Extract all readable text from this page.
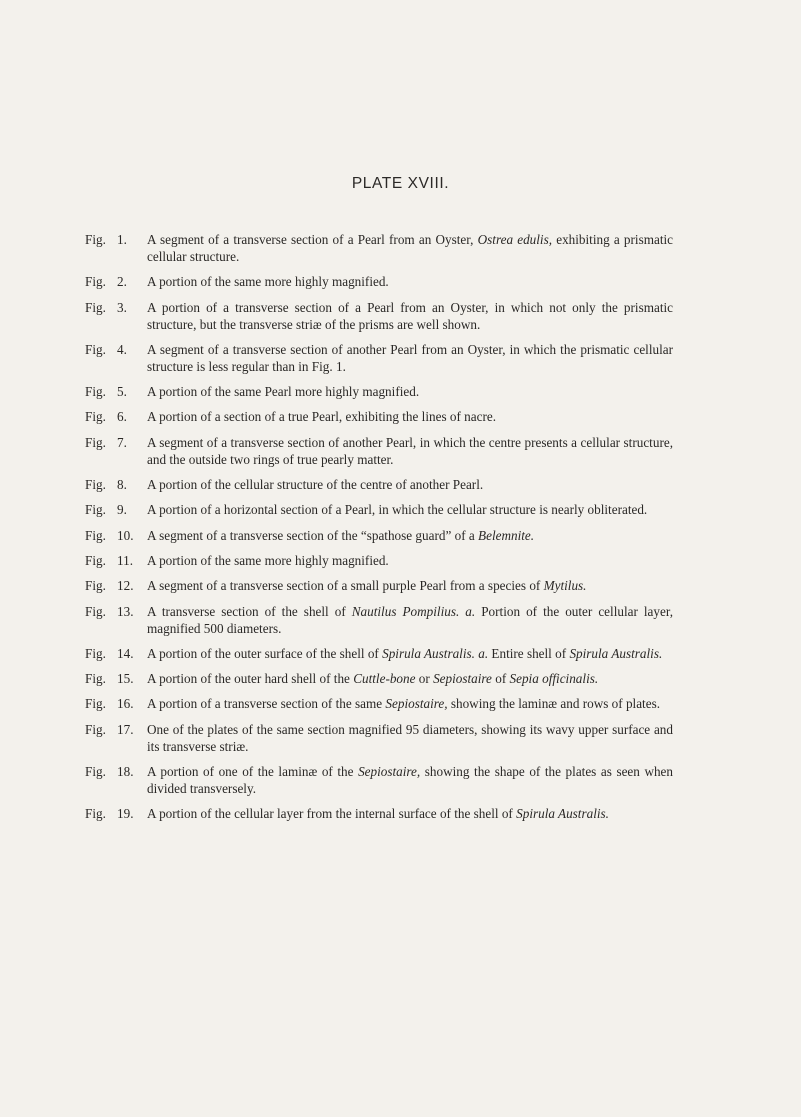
PLATE XVIII.
Fig. 1.	A segment of a transverse section of a Pearl from an Oyster, Ostrea edulis, exhibiting a prismatic cellular structure.
Fig. 2.	A portion of the same more highly magnified.
Fig. 3.	A portion of a transverse section of a Pearl from an Oyster, in which not only the prismatic structure, but the transverse striæ of the prisms are well shown.
Fig. 4.	A segment of a transverse section of another Pearl from an Oyster, in which the prismatic cellular structure is less regular than in Fig. 1.
Fig. 5.	A portion of the same Pearl more highly magnified.
Fig. 6.	A portion of a section of a true Pearl, exhibiting the lines of nacre.
Fig. 7.	A segment of a transverse section of another Pearl, in which the centre presents a cellular structure, and the outside two rings of true pearly matter.
Fig. 8.	A portion of the cellular structure of the centre of another Pearl.
Fig. 9.	A portion of a horizontal section of a Pearl, in which the cellular structure is nearly obliterated.
Fig. 10.	A segment of a transverse section of the “spathose guard” of a Belemnite.
Fig. 11.	A portion of the same more highly magnified.
Fig. 12.	A segment of a transverse section of a small purple Pearl from a species of Mytilus.
Fig. 13.	A transverse section of the shell of Nautilus Pompilius. a. Portion of the outer cellular layer, magnified 500 diameters.
Fig. 14.	A portion of the outer surface of the shell of Spirula Australis. a. Entire shell of Spirula Australis.
Fig. 15.	A portion of the outer hard shell of the Cuttle-bone or Sepiostaire of Sepia officinalis.
Fig. 16.	A portion of a transverse section of the same Sepiostaire, showing the laminæ and rows of plates.
Fig. 17.	One of the plates of the same section magnified 95 diameters, showing its wavy upper surface and its transverse striæ.
Fig. 18.	A portion of one of the laminæ of the Sepiostaire, showing the shape of the plates as seen when divided transversely.
Fig. 19.	A portion of the cellular layer from the internal surface of the shell of Spirula Australis.
